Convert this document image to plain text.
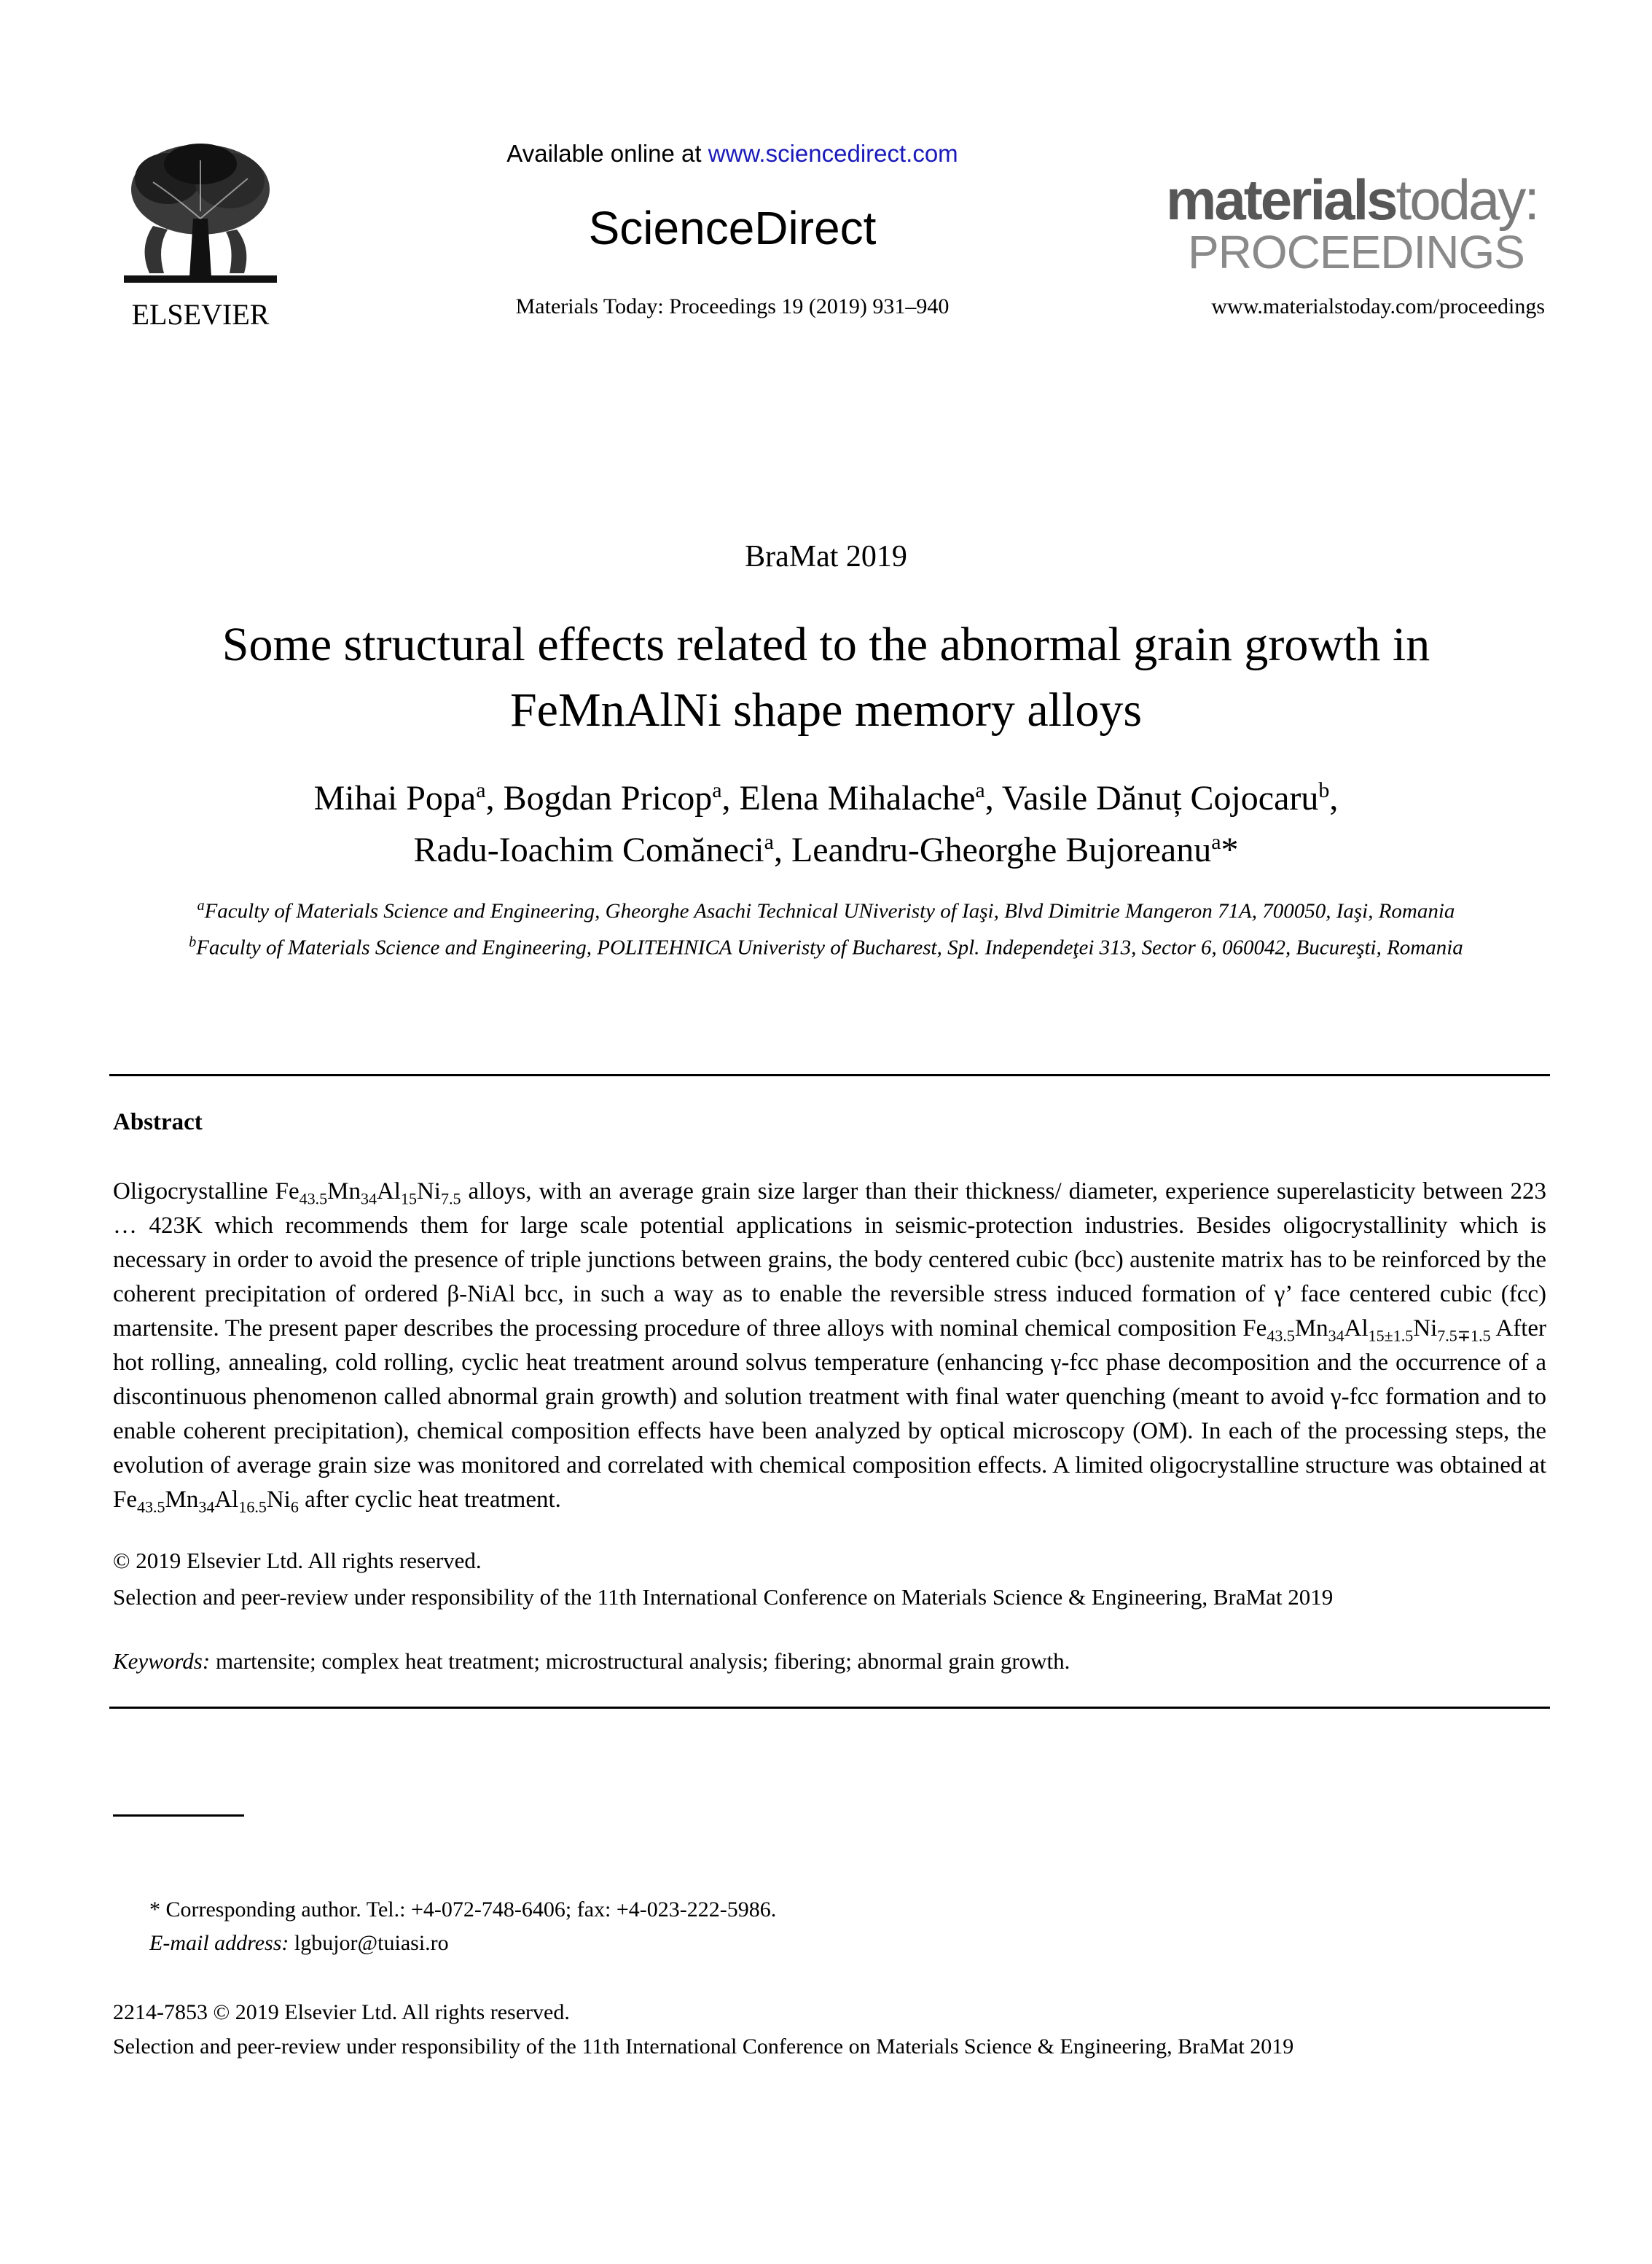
ELSEVIER
Available online at www.sciencedirect.com
ScienceDirect
Materials Today: Proceedings 19 (2019) 931–940
materialstoday:
PROCEEDINGS
www.materialstoday.com/proceedings
BraMat 2019
Some structural effects related to the abnormal grain growth in
FeMnAlNi shape memory alloys
Mihai Popa$^a$, Bogdan Pricop$^a$, Elena Mihalache$^a$, Vasile Dănuț Cojocaru$^b$,
Radu-Ioachim Comăneci$^a$, Leandru-Gheorghe Bujoreanu$^a$*
$^a$Faculty of Materials Science and Engineering, Gheorghe Asachi Technical UNiveristy of Iaşi, Blvd Dimitrie Mangeron 71A, 700050, Iaşi, Romania
$^b$Faculty of Materials Science and Engineering, POLITEHNICA Univeristy of Bucharest, Spl. Independeţei 313, Sector 6, 060042, Bucureşti, Romania
Abstract

Oligocrystalline $Fe_{43.5}Mn_{34}Al_{15}Ni_{7.5}$ alloys, with an average grain size larger than their thickness/ diameter, experience superelasticity between 223 … 423K which recommends them for large scale potential applications in seismic-protection industries. Besides oligocrystallinity which is necessary in order to avoid the presence of triple junctions between grains, the body centered cubic (bcc) austenite matrix has to be reinforced by the coherent precipitation of ordered β-NiAl bcc, in such a way as to enable the reversible stress induced formation of γ’ face centered cubic (fcc) martensite. The present paper describes the processing procedure of three alloys with nominal chemical composition $Fe_{43.5}Mn_{34}Al_{15\pm 1.5}Ni_{7.5\mp 1.5}$ After hot rolling, annealing, cold rolling, cyclic heat treatment around solvus temperature (enhancing γ-fcc phase decomposition and the occurrence of a discontinuous phenomenon called abnormal grain growth) and solution treatment with final water quenching (meant to avoid γ-fcc formation and to enable coherent precipitation), chemical composition effects have been analyzed by optical microscopy (OM). In each of the processing steps, the evolution of average grain size was monitored and correlated with chemical composition effects. A limited oligocrystalline structure was obtained at $Fe_{43.5}Mn_{34}Al_{16.5}Ni_6$ after cyclic heat treatment.

© 2019 Elsevier Ltd. All rights reserved.
Selection and peer-review under responsibility of the 11th International Conference on Materials Science & Engineering, BraMat 2019
Keywords: martensite; complex heat treatment; microstructural analysis; fibering; abnormal grain growth.
* Corresponding author. Tel.: +4-072-748-6406; fax: +4-023-222-5986.
E-mail address: lgbujor@tuiasi.ro
2214-7853 © 2019 Elsevier Ltd. All rights reserved.
Selection and peer-review under responsibility of the 11th International Conference on Materials Science & Engineering, BraMat 2019
